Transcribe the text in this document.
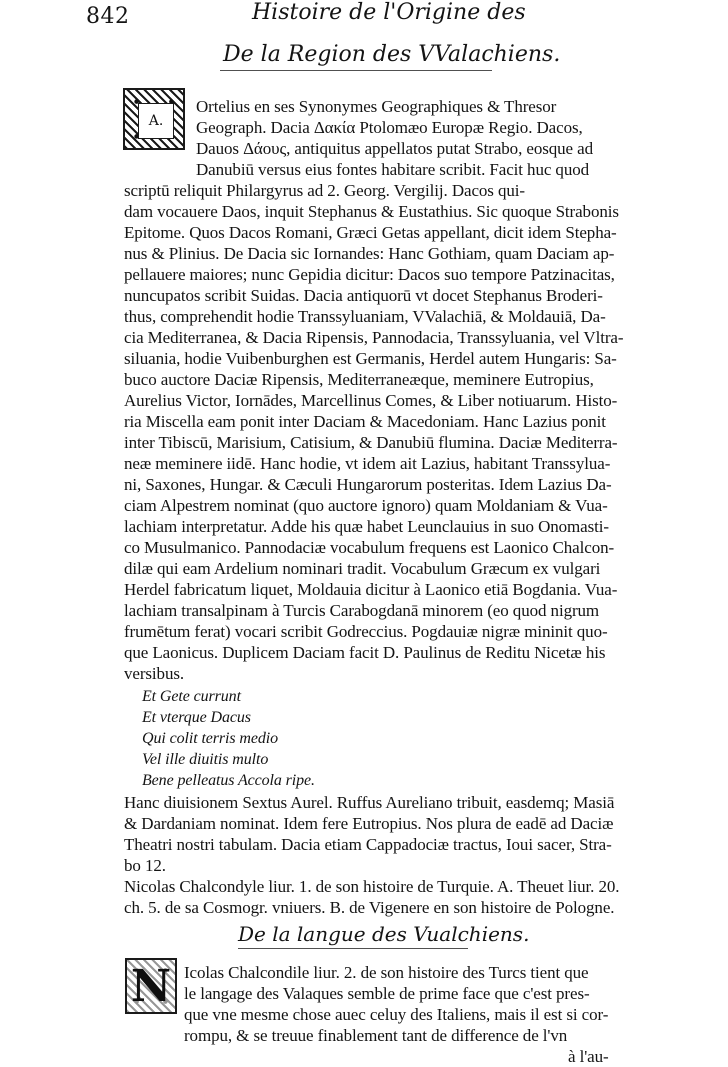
842	Histoire de l'Origine des
De la Region des VValachiens.
A.
Ortelius en ses Synonymes Geographiques & Thresor
Geograph. Dacia Δακία Ptolomæo Europæ Regio. Dacos,
Dauos Δάους, antiquitus appellatos putat Strabo, eosque ad
Danubiū versus eius fontes habitare scribit. Facit huc quod
scriptū reliquit Philargyrus ad 2. Georg. Vergilij. Dacos qui-
dam vocauere Daos, inquit Stephanus & Eustathius. Sic quoque Strabonis
Epitome. Quos Dacos Romani, Græci Getas appellant, dicit idem Stepha-
nus & Plinius. De Dacia sic Iornandes: Hanc Gothiam, quam Daciam ap-
pellauere maiores; nunc Gepidia dicitur: Dacos suo tempore Patzinacitas,
nuncupatos scribit Suidas. Dacia antiquorū vt docet Stephanus Broderi-
thus, comprehendit hodie Transsyluaniam, VValachiā, & Moldauiā, Da-
cia Mediterranea, & Dacia Ripensis, Pannodacia, Transsyluania, vel Vltra-
siluania, hodie Vuibenburghen est Germanis, Herdel autem Hungaris: Sa-
buco auctore Daciæ Ripensis, Mediterraneæque, meminere Eutropius,
Aurelius Victor, Iornādes, Marcellinus Comes, & Liber notiuarum. Histo-
ria Miscella eam ponit inter Daciam & Macedoniam. Hanc Lazius ponit
inter Tibiscū, Marisium, Catisium, & Danubiū flumina. Daciæ Mediterra-
neæ meminere iidē. Hanc hodie, vt idem ait Lazius, habitant Transsylua-
ni, Saxones, Hungar. & Cæculi Hungarorum posteritas. Idem Lazius Da-
ciam Alpestrem nominat (quo auctore ignoro) quam Moldaniam & Vua-
lachiam interpretatur. Adde his quæ habet Leunclauius in suo Onomasti-
co Musulmanico. Pannodaciæ vocabulum frequens est Laonico Chalcon-
dilæ qui eam Ardelium nominari tradit. Vocabulum Græcum ex vulgari
Herdel fabricatum liquet, Moldauia dicitur à Laonico etiā Bogdania. Vua-
lachiam transalpinam à Turcis Carabogdanā minorem (eo quod nigrum
frumētum ferat) vocari scribit Godreccius. Pogdauiæ nigræ mininit quo-
que Laonicus. Duplicem Daciam facit D. Paulinus de Reditu Nicetæ his
versibus.
Et Gete currunt
Et vterque Dacus
Qui colit terris medio
Vel ille diuitis multo
Bene pelleatus Accola ripe.
Hanc diuisionem Sextus Aurel. Ruffus Aureliano tribuit, easdemq; Masiā
& Dardaniam nominat. Idem fere Eutropius. Nos plura de eadē ad Daciæ
Theatri nostri tabulam. Dacia etiam Cappadociæ tractus, Ioui sacer, Stra-
bo 12.
Nicolas Chalcondyle liur. 1. de son histoire de Turquie. A. Theuet liur. 20.
ch. 5. de sa Cosmogr. vniuers. B. de Vigenere en son histoire de Pologne.
De la langue des Vualchiens.
N Icolas Chalcondile liur. 2. de son histoire des Turcs tient que
le langage des Valaques semble de prime face que c'est pres-
que vne mesme chose auec celuy des Italiens, mais il est si cor-
rompu, & se treuue finablement tant de difference de l'vn
à l'au-
